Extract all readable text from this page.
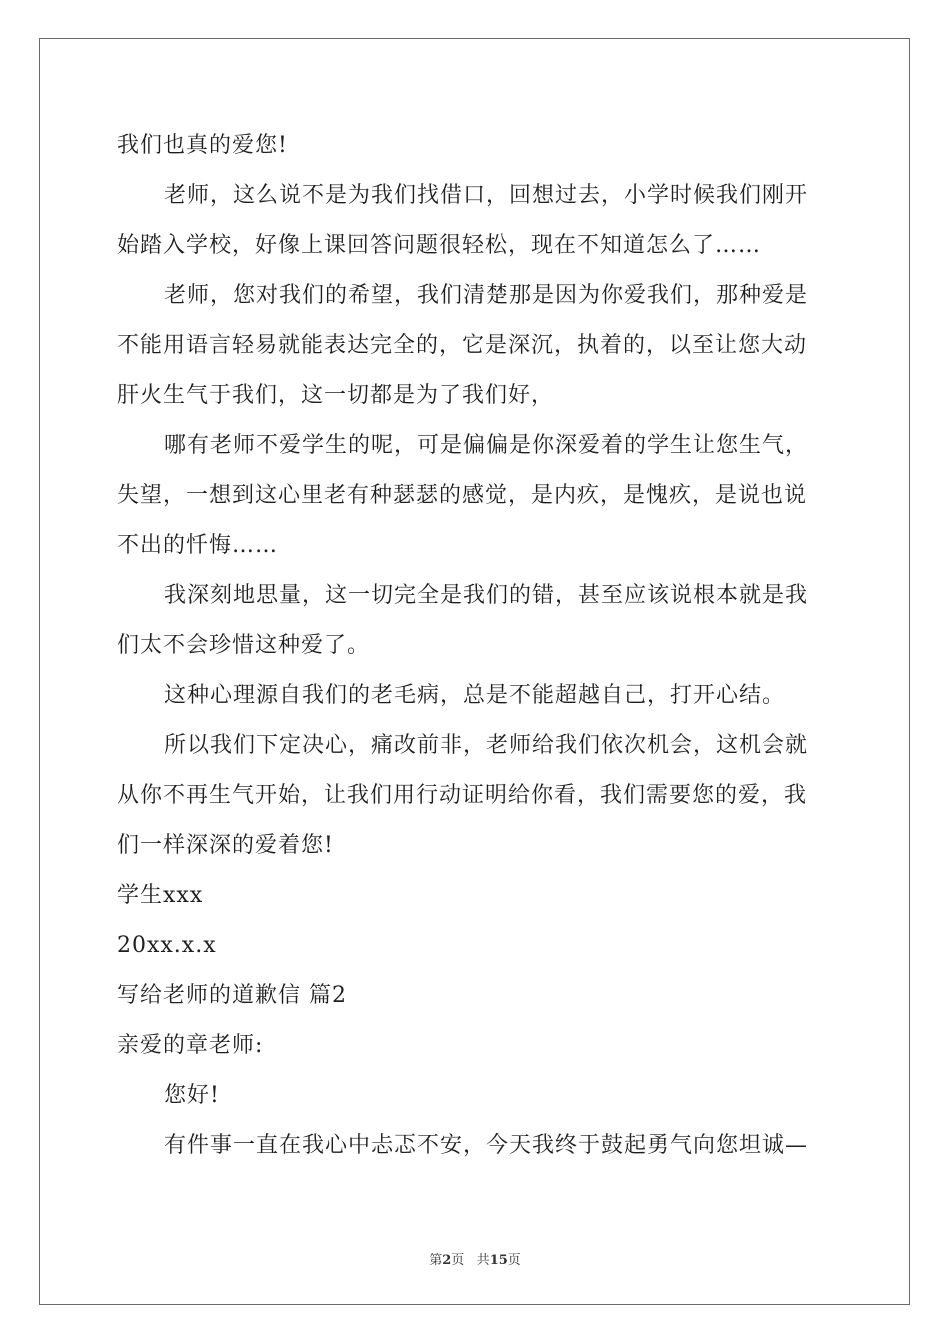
我们也真的爱您!
老师，这么说不是为我们找借口，回想过去，小学时候我们刚开
始踏入学校，好像上课回答问题很轻松，现在不知道怎么了……
老师，您对我们的希望，我们清楚那是因为你爱我们，那种爱是
不能用语言轻易就能表达完全的，它是深沉，执着的，以至让您大动
肝火生气于我们，这一切都是为了我们好，
哪有老师不爱学生的呢，可是偏偏是你深爱着的学生让您生气，
失望，一想到这心里老有种瑟瑟的感觉，是内疚，是愧疚，是说也说
不出的忏悔……
我深刻地思量，这一切完全是我们的错，甚至应该说根本就是我
们太不会珍惜这种爱了。
这种心理源自我们的老毛病，总是不能超越自己，打开心结。
所以我们下定决心，痛改前非，老师给我们依次机会，这机会就
从你不再生气开始，让我们用行动证明给你看，我们需要您的爱，我
们一样深深的爱着您!
学生xxx
20xx.x.x
写给老师的道歉信 篇2
亲爱的章老师:
您好!
有件事一直在我心中忐忑不安，今天我终于鼓起勇气向您坦诚—
第2页 共15页
